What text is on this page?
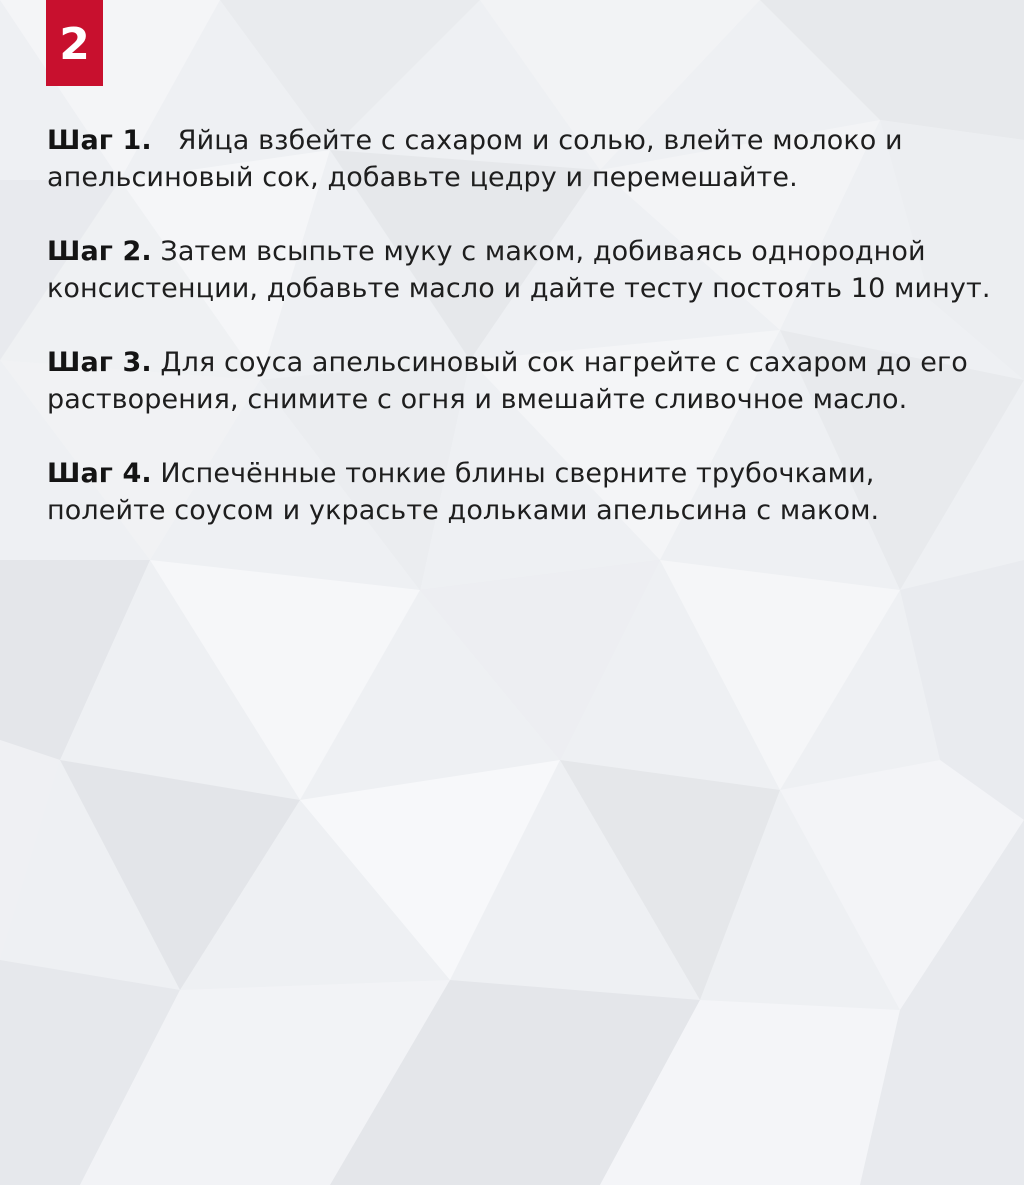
2

Шаг 1. Яйца взбейте с сахаром и солью, влейте молоко и апельсиновый сок, добавьте цедру и перемешайте.

Шаг 2. Затем всыпьте муку с маком, добиваясь однородной консистенции, добавьте масло и дайте тесту постоять 10 минут.

Шаг 3. Для соуса апельсиновый сок нагрейте с сахаром до его растворения, снимите с огня и вмешайте сливочное масло.

Шаг 4. Испечённые тонкие блины сверните трубочками, полейте соусом и украсьте дольками апельсина с маком.
